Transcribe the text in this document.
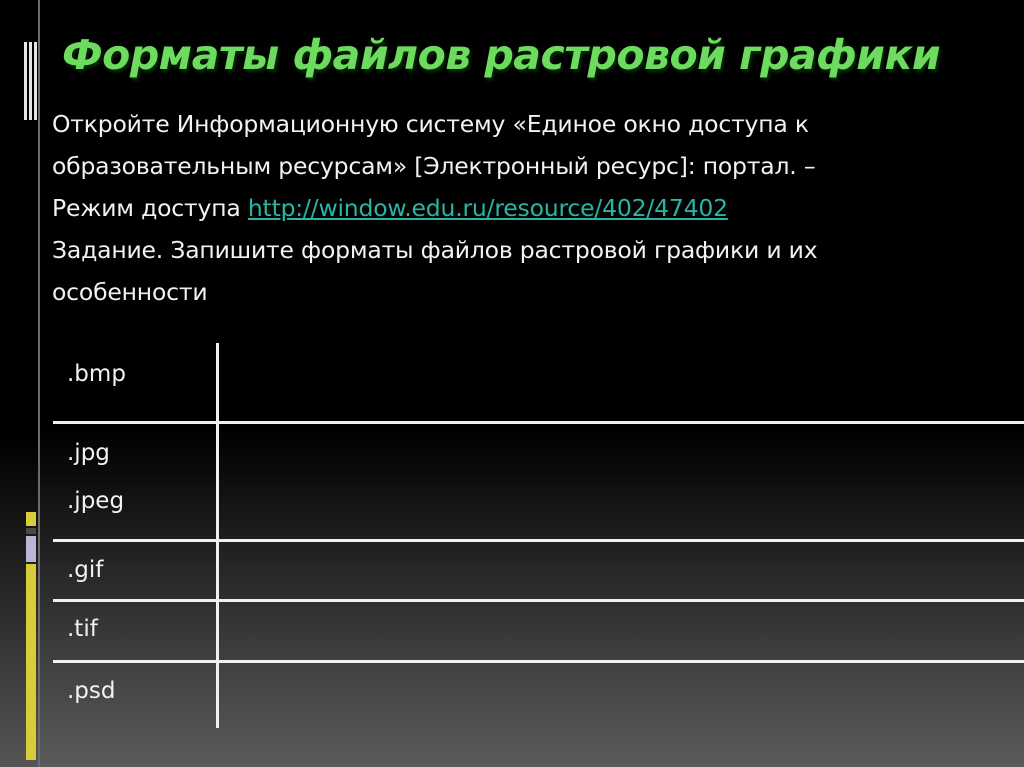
Форматы файлов растровой графики
Откройте Информационную систему «Единое окно доступа к
образовательным ресурсам» [Электронный ресурс]: портал. –
Режим доступа http://window.edu.ru/resource/402/47402
Задание. Запишите форматы файлов растровой графики и их
особенности
.bmp
.jpg
.jpeg
.gif
.tif
.psd
